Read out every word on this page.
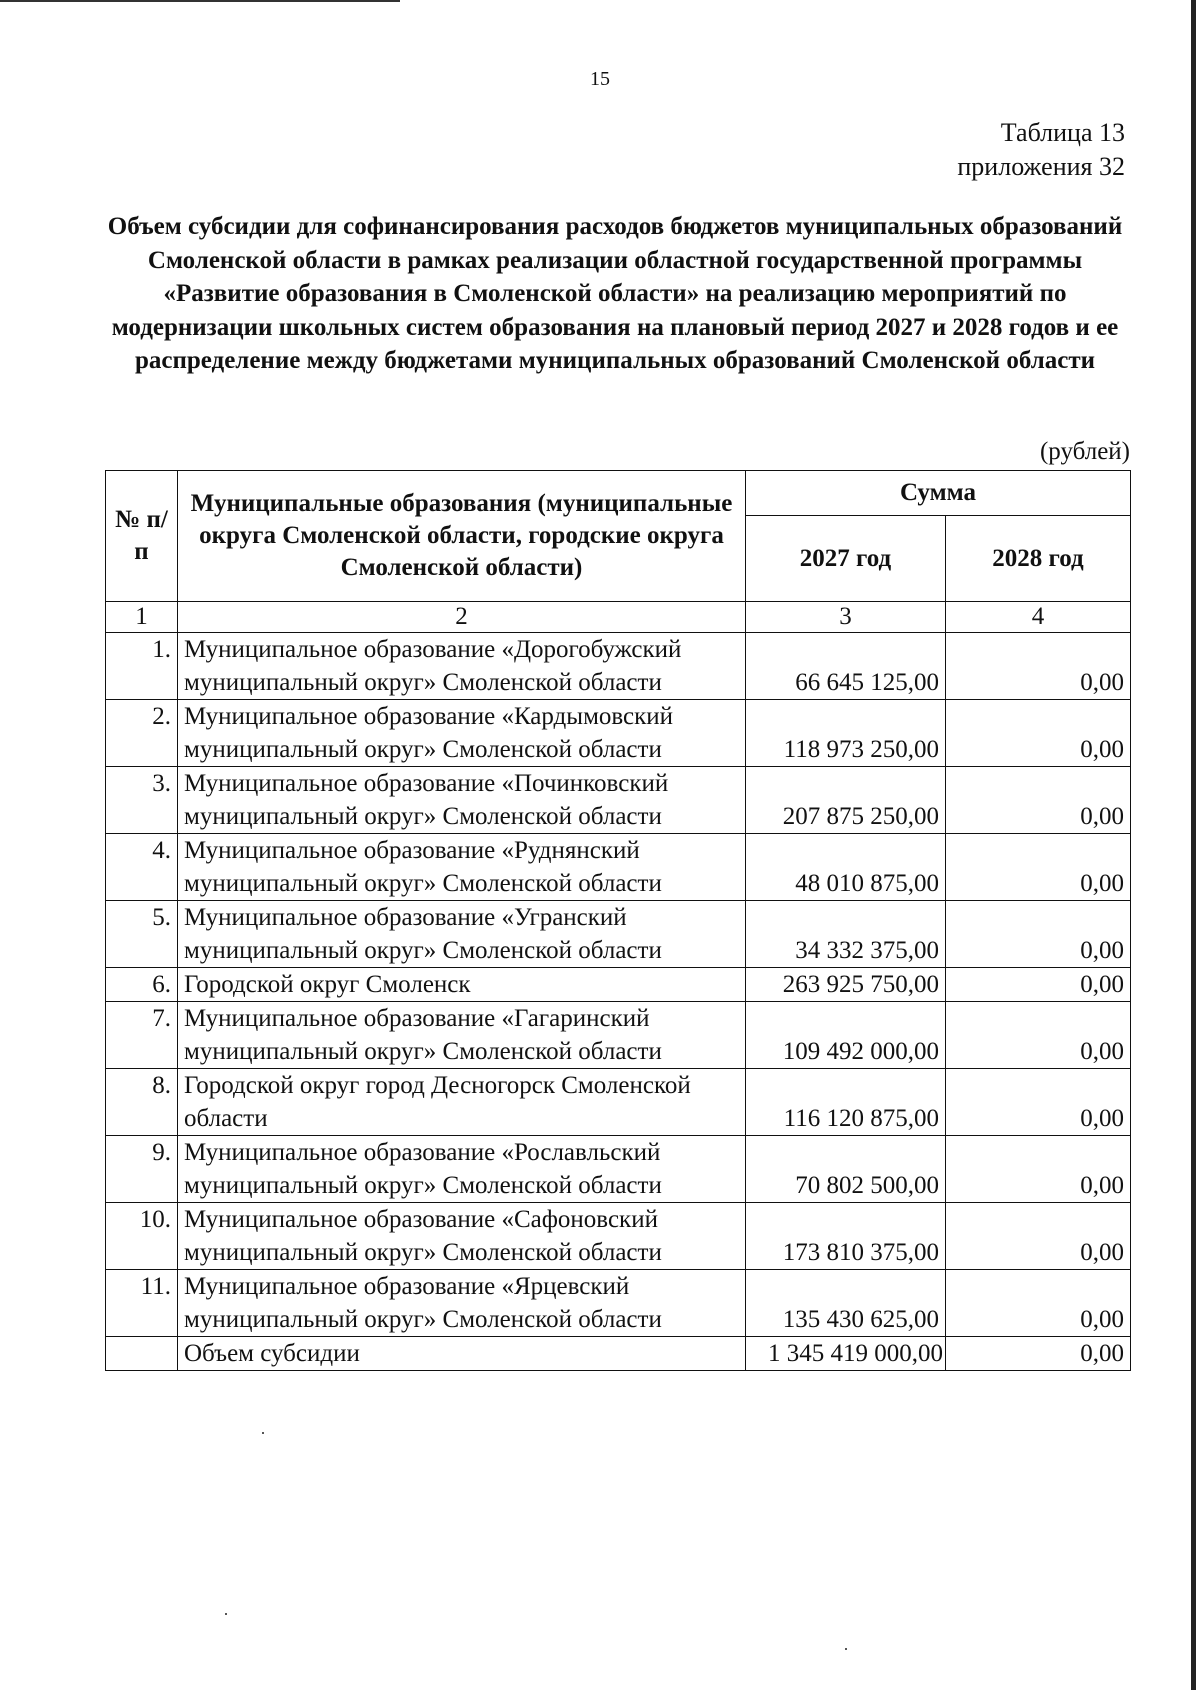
15
Таблица 13
приложения 32
Объем субсидии для софинансирования расходов бюджетов муниципальных образований Смоленской области в рамках реализации областной государственной программы «Развитие образования в Смоленской области» на реализацию мероприятий по модернизации школьных систем образования на плановый период 2027 и 2028 годов и ее распределение между бюджетами муниципальных образований Смоленской области
(рублей)
№ п/п	Муниципальные образования (муниципальные округа Смоленской области, городские округа Смоленской области)	Сумма	
		2027 год	2028 год
1	2	3	4
1.	Муниципальное образование «Дорогобужский муниципальный округ» Смоленской области	66 645 125,00	0,00
2.	Муниципальное образование «Кардымовский муниципальный округ» Смоленской области	118 973 250,00	0,00
3.	Муниципальное образование «Починковский муниципальный округ» Смоленской области	207 875 250,00	0,00
4.	Муниципальное образование «Руднянский муниципальный округ» Смоленской области	48 010 875,00	0,00
5.	Муниципальное образование «Угранский муниципальный округ» Смоленской области	34 332 375,00	0,00
6.	Городской округ Смоленск	263 925 750,00	0,00
7.	Муниципальное образование «Гагаринский муниципальный округ» Смоленской области	109 492 000,00	0,00
8.	Городской округ город Десногорск Смоленской области	116 120 875,00	0,00
9.	Муниципальное образование «Рославльский муниципальный округ» Смоленской области	70 802 500,00	0,00
10.	Муниципальное образование «Сафоновский муниципальный округ» Смоленской области	173 810 375,00	0,00
11.	Муниципальное образование «Ярцевский муниципальный округ» Смоленской области	135 430 625,00	0,00
	Объем субсидии	1 345 419 000,00	0,00
